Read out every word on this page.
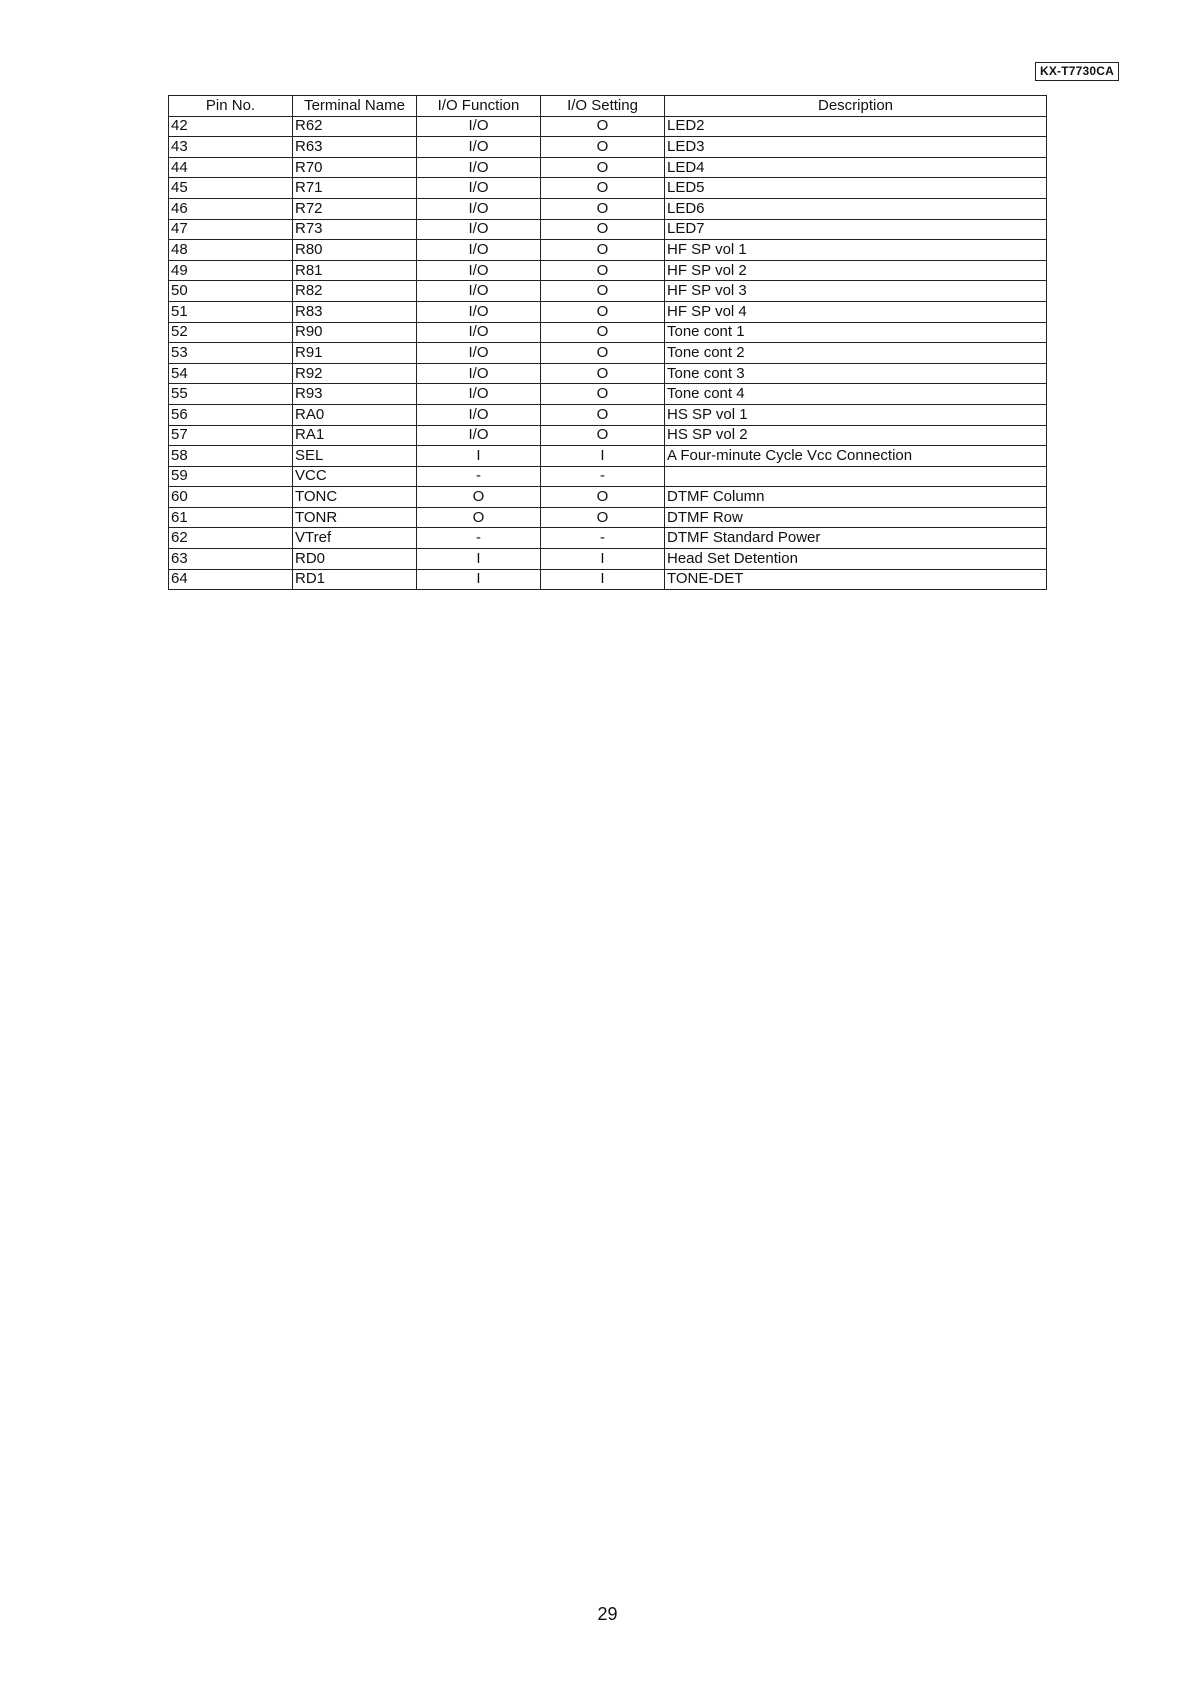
KX-T7730CA
Pin No.	Terminal Name	I/O Function	I/O Setting	Description
42	R62	I/O	O	LED2
43	R63	I/O	O	LED3
44	R70	I/O	O	LED4
45	R71	I/O	O	LED5
46	R72	I/O	O	LED6
47	R73	I/O	O	LED7
48	R80	I/O	O	HF SP vol 1
49	R81	I/O	O	HF SP vol 2
50	R82	I/O	O	HF SP vol 3
51	R83	I/O	O	HF SP vol 4
52	R90	I/O	O	Tone cont 1
53	R91	I/O	O	Tone cont 2
54	R92	I/O	O	Tone cont 3
55	R93	I/O	O	Tone cont 4
56	RA0	I/O	O	HS SP vol 1
57	RA1	I/O	O	HS SP vol 2
58	SEL	I	I	A Four-minute Cycle Vcc Connection
59	VCC	-	-	
60	TONC	O	O	DTMF Column
61	TONR	O	O	DTMF Row
62	VTref	-	-	DTMF Standard Power
63	RD0	I	I	Head Set Detention
64	RD1	I	I	TONE-DET
29
